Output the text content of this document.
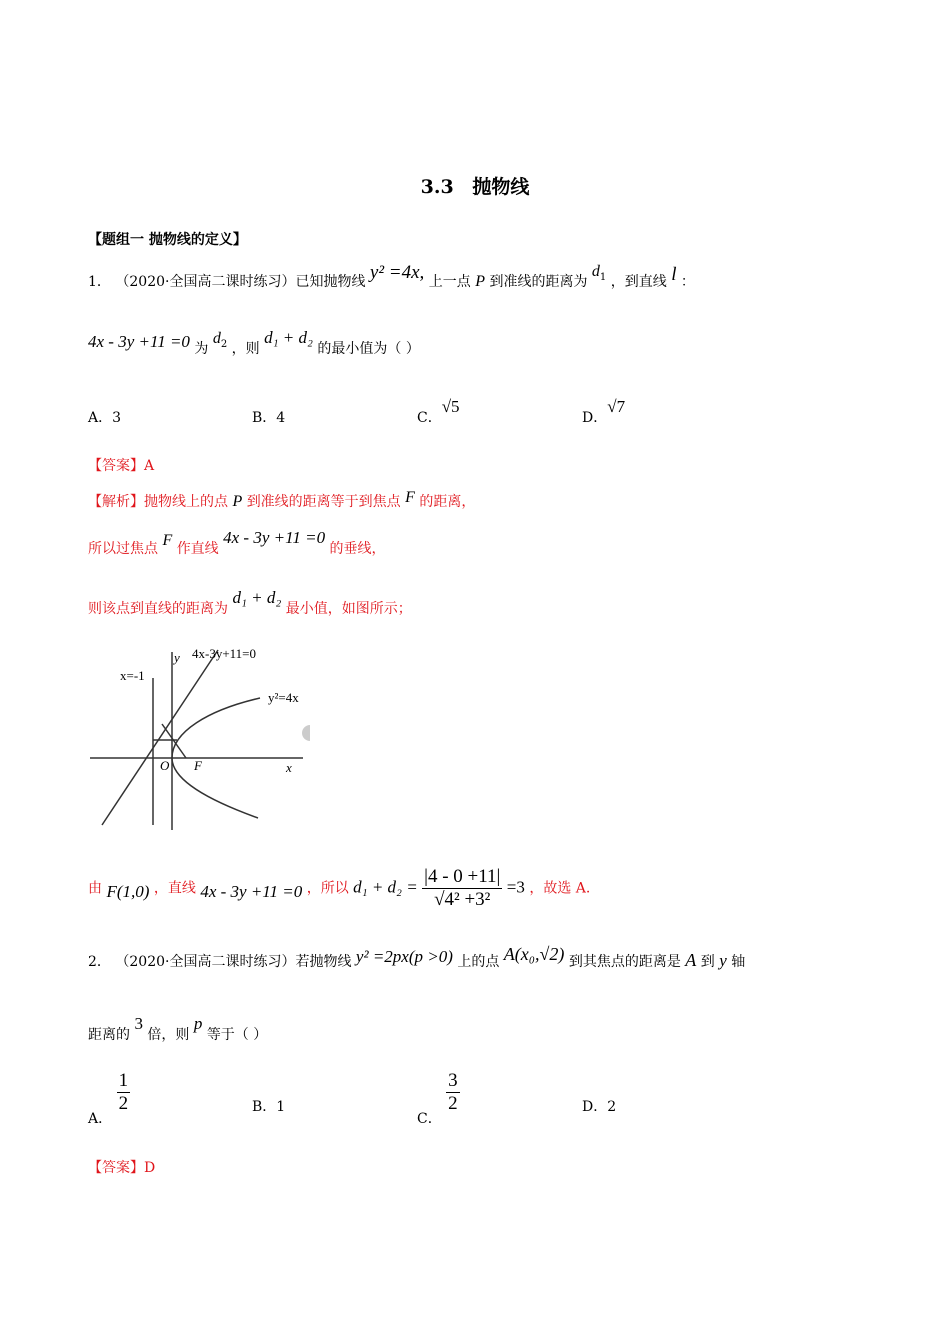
3.3 抛物线
【题组一 抛物线的定义】
1． （2020·全国高二课时练习）已知抛物线 y² =4x, 上一点 P 到准线的距离为 $d_1$ ，到直线 l ：
4x - 3y +11 =0 为 $d_2$ ，则 d₁ + d₂ 的最小值为（ ）
A．3	B．4	C．√5
D．√7
【答案】A
【解析】抛物线上的点 P 到准线的距离等于到焦点 F 的距离，
所以过焦点 F 作直线 4x - 3y +11 =0 的垂线，
则该点到直线的距离为 d₁ + d₂ 最小值，如图所示；
4x-3y+11=0
x=-1
y²=4x
y
x
O F
由 F(1,0) ，直线 4x - 3y +11 =0 ，所以 $d_1 + d_2 = \frac{|4 - 0 +11|}{\text{√4² +3²}} =3$ ，故选 A.
2． （2020·全国高二课时练习）若抛物线 y² =2px(p >0) 上的点 A(x₀,√2) 到其焦点的距离是 A 到 y 轴
距离的 3 倍，则 p 等于（ ）
A．
$\frac{1}{2}$	B．1
C．
$\frac{3}{2}$	D．2
【答案】D
